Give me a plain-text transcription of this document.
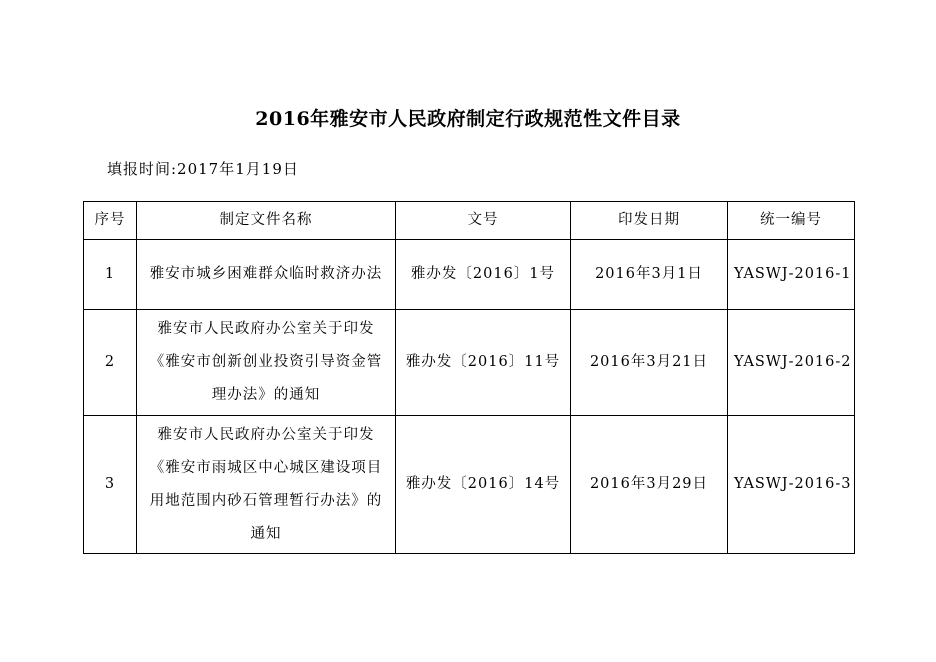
2016年雅安市人民政府制定行政规范性文件目录
填报时间:2017年1月19日
序号	制定文件名称	文号	印发日期	统一编号
1	雅安市城乡困难群众临时救济办法	雅办发〔2016〕1号	2016年3月1日	YASWJ-2016-1
2	雅安市人民政府办公室关于印发《雅安市创新创业投资引导资金管理办法》的通知	雅办发〔2016〕11号	2016年3月21日	YASWJ-2016-2
3	雅安市人民政府办公室关于印发《雅安市雨城区中心城区建设项目用地范围内砂石管理暂行办法》的通知	雅办发〔2016〕14号	2016年3月29日	YASWJ-2016-3
